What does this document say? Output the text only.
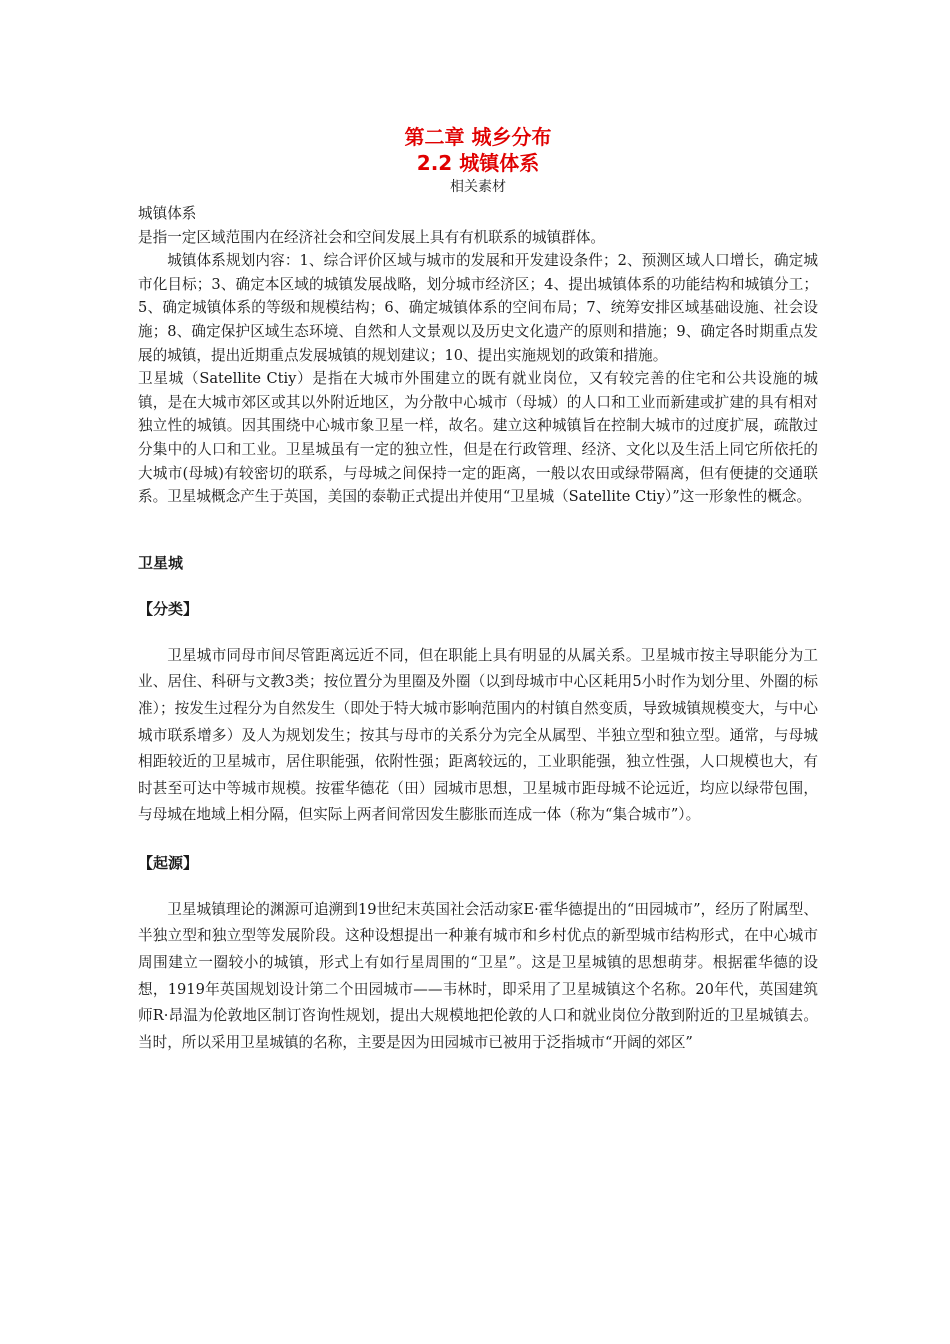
第二章 城乡分布
2.2 城镇体系
相关素材

城镇体系

是指一定区域范围内在经济社会和空间发展上具有有机联系的城镇群体。

城镇体系规划内容：1、综合评价区域与城市的发展和开发建设条件；2、预测区域人口增长，确定城市化目标；3、确定本区域的城镇发展战略，划分城市经济区；4、提出城镇体系的功能结构和城镇分工；5、确定城镇体系的等级和规模结构；6、确定城镇体系的空间布局；7、统筹安排区域基础设施、社会设施；8、确定保护区域生态环境、自然和人文景观以及历史文化遗产的原则和措施；9、确定各时期重点发展的城镇，提出近期重点发展城镇的规划建议；10、提出实施规划的政策和措施。

卫星城（Satellite Ctiy）是指在大城市外围建立的既有就业岗位，又有较完善的住宅和公共设施的城镇，是在大城市郊区或其以外附近地区，为分散中心城市（母城）的人口和工业而新建或扩建的具有相对独立性的城镇。因其围绕中心城市象卫星一样，故名。建立这种城镇旨在控制大城市的过度扩展，疏散过分集中的人口和工业。卫星城虽有一定的独立性，但是在行政管理、经济、文化以及生活上同它所依托的大城市(母城)有较密切的联系，与母城之间保持一定的距离，一般以农田或绿带隔离，但有便捷的交通联系。卫星城概念产生于英国，美国的泰勒正式提出并使用“卫星城（Satellite Ctiy）”这一形象性的概念。

卫星城
【分类】

卫星城市同母市间尽管距离远近不同，但在职能上具有明显的从属关系。卫星城市按主导职能分为工业、居住、科研与文教3类；按位置分为里圈及外圈（以到母城市中心区耗用5小时作为划分里、外圈的标准）；按发生过程分为自然发生（即处于特大城市影响范围内的村镇自然变质，导致城镇规模变大，与中心城市联系增多）及人为规划发生；按其与母市的关系分为完全从属型、半独立型和独立型。通常，与母城相距较近的卫星城市，居住职能强，依附性强；距离较远的，工业职能强，独立性强，人口规模也大，有时甚至可达中等城市规模。按霍华德花（田）园城市思想，卫星城市距母城不论远近，均应以绿带包围，与母城在地域上相分隔，但实际上两者间常因发生膨胀而连成一体（称为“集合城市”）。

【起源】

卫星城镇理论的渊源可追溯到19世纪末英国社会活动家E·霍华德提出的“田园城市”，经历了附属型、半独立型和独立型等发展阶段。这种设想提出一种兼有城市和乡村优点的新型城市结构形式，在中心城市周围建立一圈较小的城镇，形式上有如行星周围的“卫星”。这是卫星城镇的思想萌芽。根据霍华德的设想，1919年英国规划设计第二个田园城市——韦林时，即采用了卫星城镇这个名称。20年代，英国建筑师R·昂温为伦敦地区制订咨询性规划，提出大规模地把伦敦的人口和就业岗位分散到附近的卫星城镇去。当时，所以采用卫星城镇的名称，主要是因为田园城市已被用于泛指城市“开阔的郊区”
